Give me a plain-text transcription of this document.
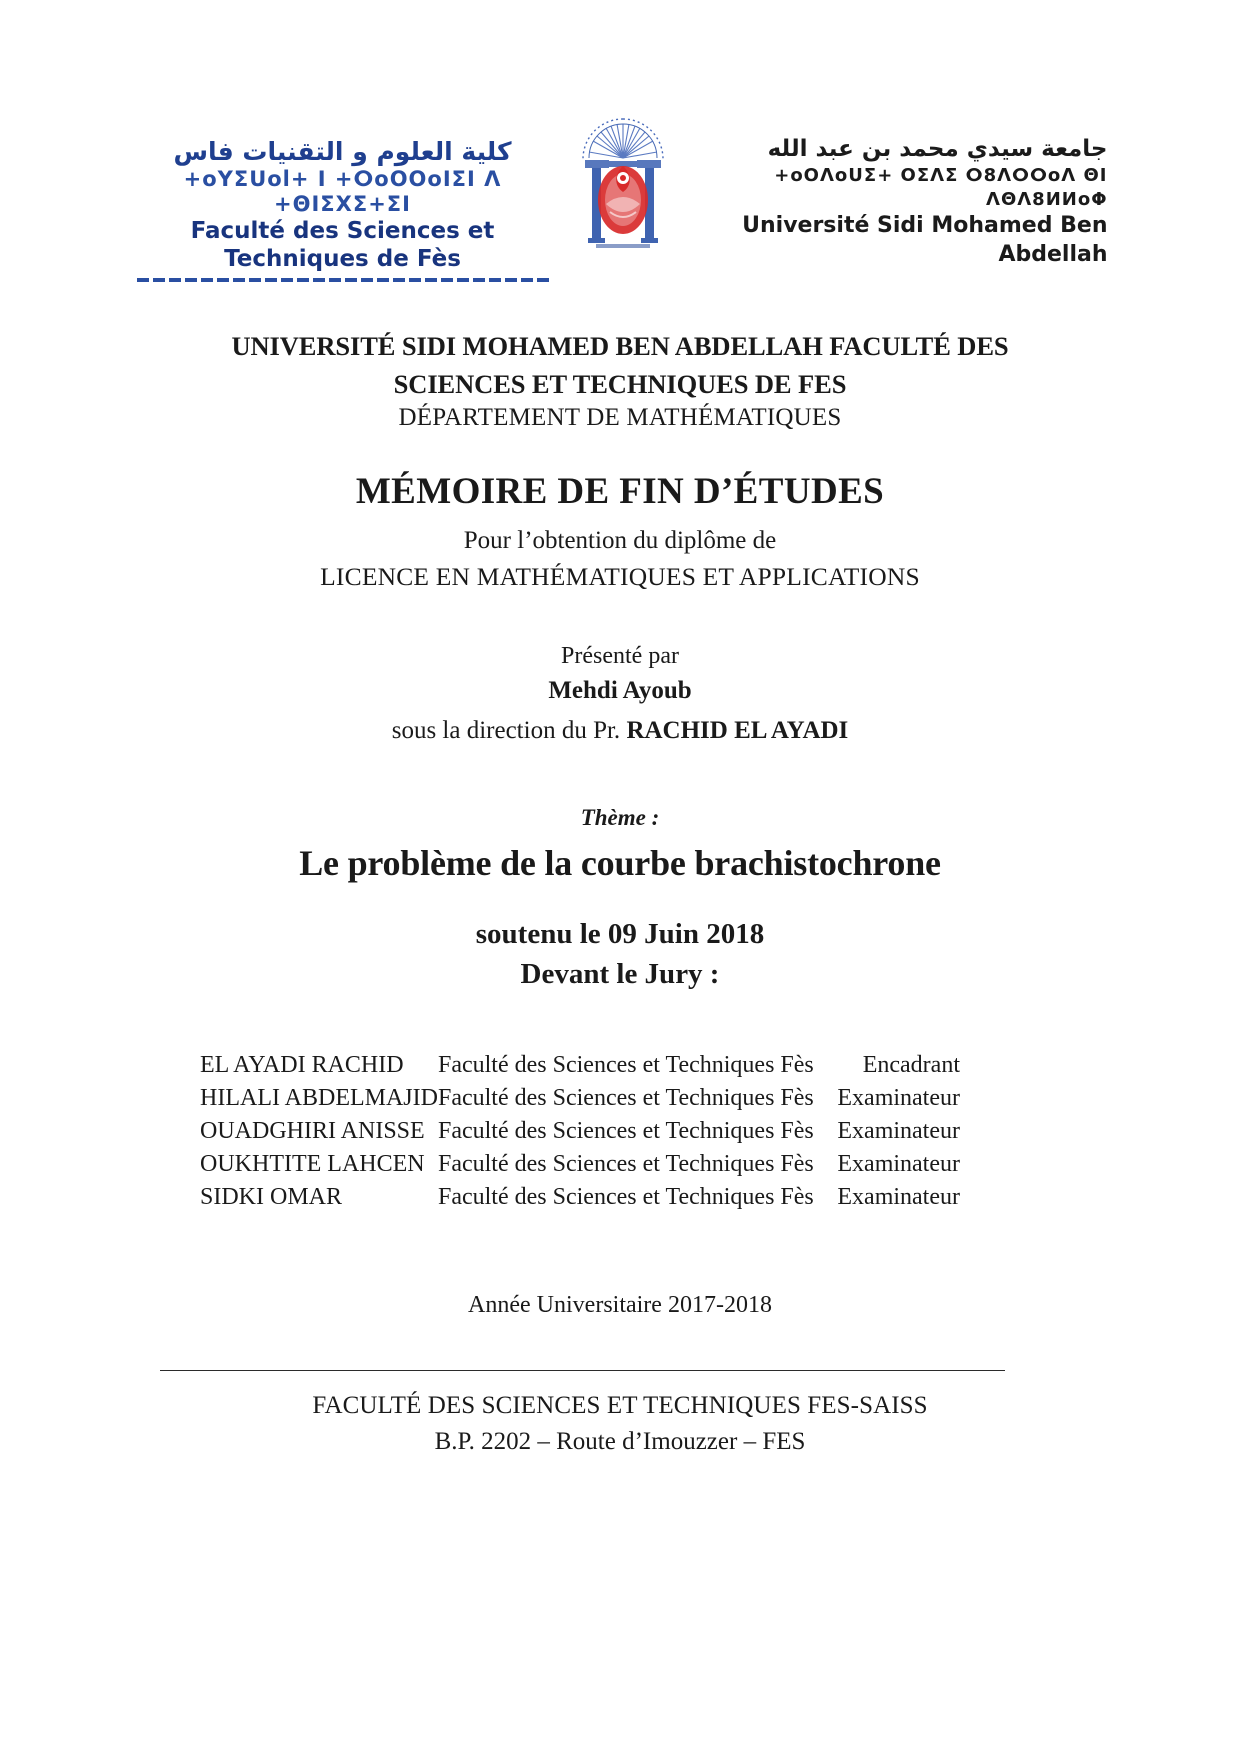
كلية العلوم و التقنيات فاس
+oΥΣUol+ I +ⵔoOOoIΣI Λ +ΘIΣXΣ+ΣI
Faculté des Sciences et Techniques de Fès
جامعة سيدي محمد بن عبد الله
+oOΛoUΣ+ ΟΣΛΣ ⵔ8ΛⵔⵔoΛ ΘI ΛΘΛ8ИИoΦ
Université Sidi Mohamed Ben Abdellah
UNIVERSITÉ SIDI MOHAMED BEN ABDELLAH FACULTÉ DES SCIENCES ET TECHNIQUES DE FES
DÉPARTEMENT DE MATHÉMATIQUES
MÉMOIRE DE FIN D’ÉTUDES
Pour l’obtention du diplôme de
LICENCE EN MATHÉMATIQUES ET APPLICATIONS
Présenté par
Mehdi Ayoub
sous la direction du Pr. RACHID EL AYADI
Thème :
Le problème de la courbe brachistochrone
soutenu le 09 Juin 2018
Devant le Jury :
EL AYADI RACHID	Faculté des Sciences et Techniques Fès	Encadrant
HILALI ABDELMAJID	Faculté des Sciences et Techniques Fès	Examinateur
OUADGHIRI ANISSE	Faculté des Sciences et Techniques Fès	Examinateur
OUKHTITE LAHCEN	Faculté des Sciences et Techniques Fès	Examinateur
SIDKI OMAR	Faculté des Sciences et Techniques Fès	Examinateur
Année Universitaire 2017-2018
FACULTÉ DES SCIENCES ET TECHNIQUES FES-SAISS
B.P. 2202 – Route d’Imouzzer – FES
